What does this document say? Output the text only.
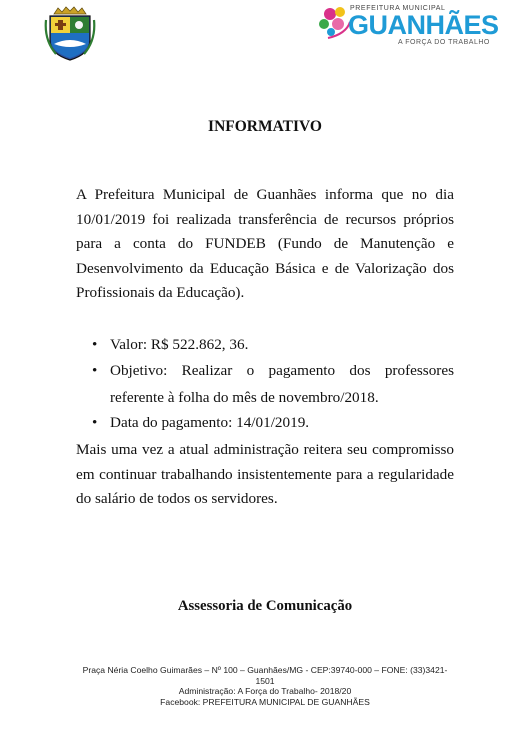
PREFEITURA MUNICIPAL
GUANHÃES
A FORÇA DO TRABALHO
INFORMATIVO
A Prefeitura Municipal de Guanhães informa que no dia 10/01/2019 foi realizada transferência de recursos próprios para a conta do FUNDEB (Fundo de Manutenção e Desenvolvimento da Educação Básica e de Valorização dos Profissionais da Educação).
• Valor: R$ 522.862, 36.
• Objetivo: Realizar o pagamento dos professores referente à folha do mês de novembro/2018.
• Data do pagamento: 14/01/2019.
Mais uma vez a atual administração reitera seu compromisso em continuar trabalhando insistentemente para a regularidade do salário de todos os servidores.
Assessoria de Comunicação
Praça Néria Coelho Guimarães – Nº 100 – Guanhães/MG - CEP:39740-000 – FONE: (33)3421-1501
Administração: A Força do Trabalho- 2018/20
Facebook: PREFEITURA MUNICIPAL DE GUANHÃES
